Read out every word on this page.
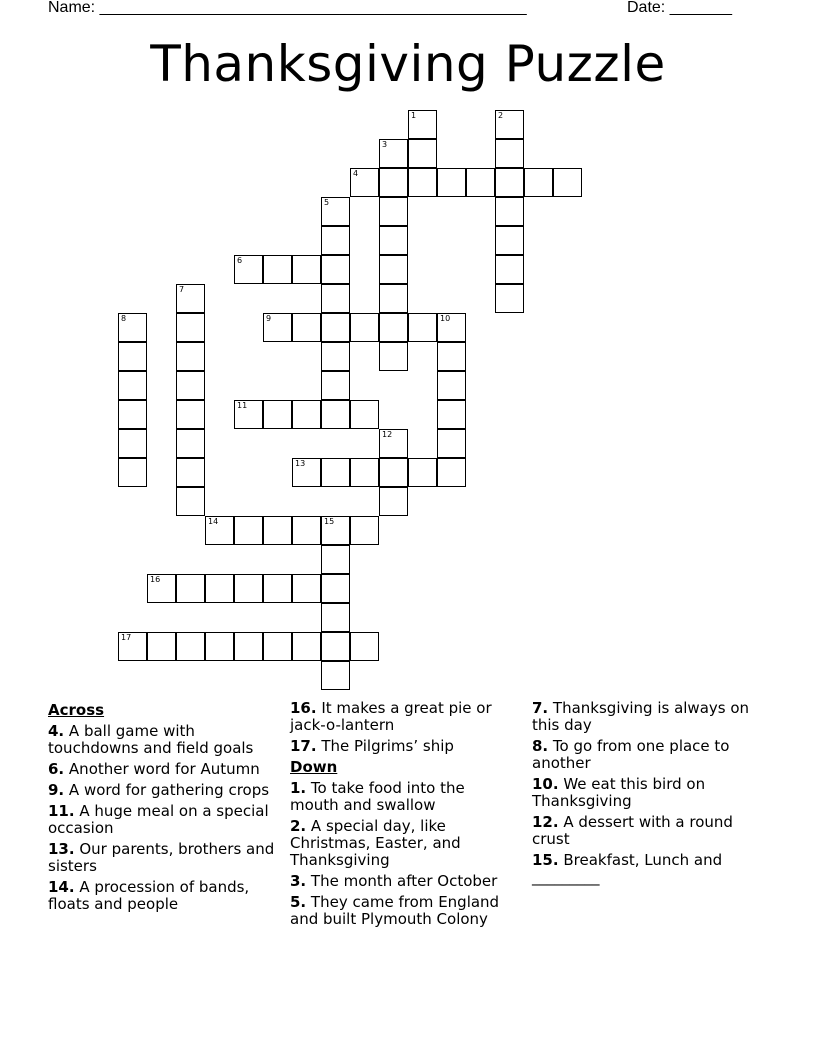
Name: ________________________________________________	Date: _______
Thanksgiving Puzzle
1	2
3
4
5
6
7
8	9	10
11
12
13
14	15
16
17
Across
4. A ball game with touchdowns and field goals
6. Another word for Autumn
9. A word for gathering crops
11. A huge meal on a special occasion
13. Our parents, brothers and sisters
14. A procession of bands, floats and people
16. It makes a great pie or jack-o-lantern
17. The Pilgrims’ ship
Down
1. To take food into the mouth and swallow
2. A special day, like Christmas, Easter, and Thanksgiving
3. The month after October
5. They came from England and built Plymouth Colony
7. Thanksgiving is always on this day
8. To go from one place to another
10. We eat this bird on Thanksgiving
12. A dessert with a round crust
15. Breakfast, Lunch and _________
